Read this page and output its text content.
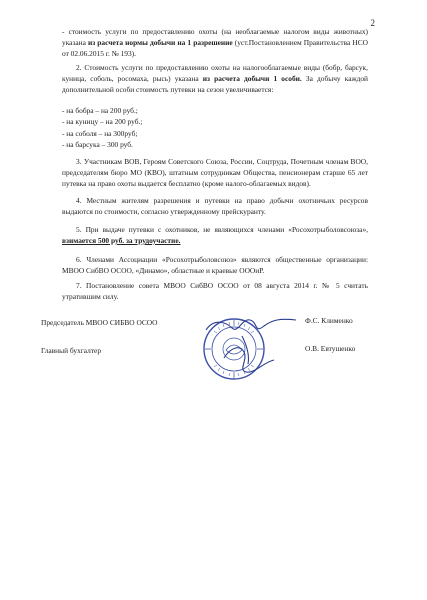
2
- стоимость услуги по предоставлению охоты (на необлагаемые налогом виды животных) указана из расчета нормы добычи на 1 разрешение (уст.Постановлением Правительства НСО от 02.06.2015 г. № 193).
2. Стоимость услуги по предоставлению охоты на налогооблагаемые виды (бобр, барсук, куница, соболь, росомаха, рысь) указана из расчета добычи 1 особи. За добычу каждой дополнительной особи стоимость путевки на сезон увеличивается:
- на бобра – на 200 руб.;
- на куницу – на 200 руб.;
- на соболя – на 300руб;
- на барсука – 300 руб.
3. Участникам ВОВ, Героям Советского Союза, России, Соцтруда, Почетным членам ВОО, председателям бюро МО (КВО), штатным сотрудникам Общества, пенсионерам старше 65 лет путевка на право охоты выдается бесплатно (кроме налого-облагаемых видов).
4. Местным жителям разрешения и путевки на право добычи охотничьих ресурсов выдаются по стоимости, согласно утвержденному прейскуранту.
5. При выдаче путевки с охотников, не являющихся членами «Росохотрыболовсоюза», взимается 500 руб. за трудоучастие.
6. Членами Ассоциации «Росохотрыболовсоюз» являются общественные организации: МВОО СибВО ОСОО, «Динамо», областные и краевые ОООиР.
7. Постановление совета МВОО СибВО ОСОО от 08 августа 2014 г. № 5 считать утратившим силу.
Председатель МВОО СИБВО ОСОО	Ф.С. Клименко
Главный бухгалтер	О.В. Евтушенко
